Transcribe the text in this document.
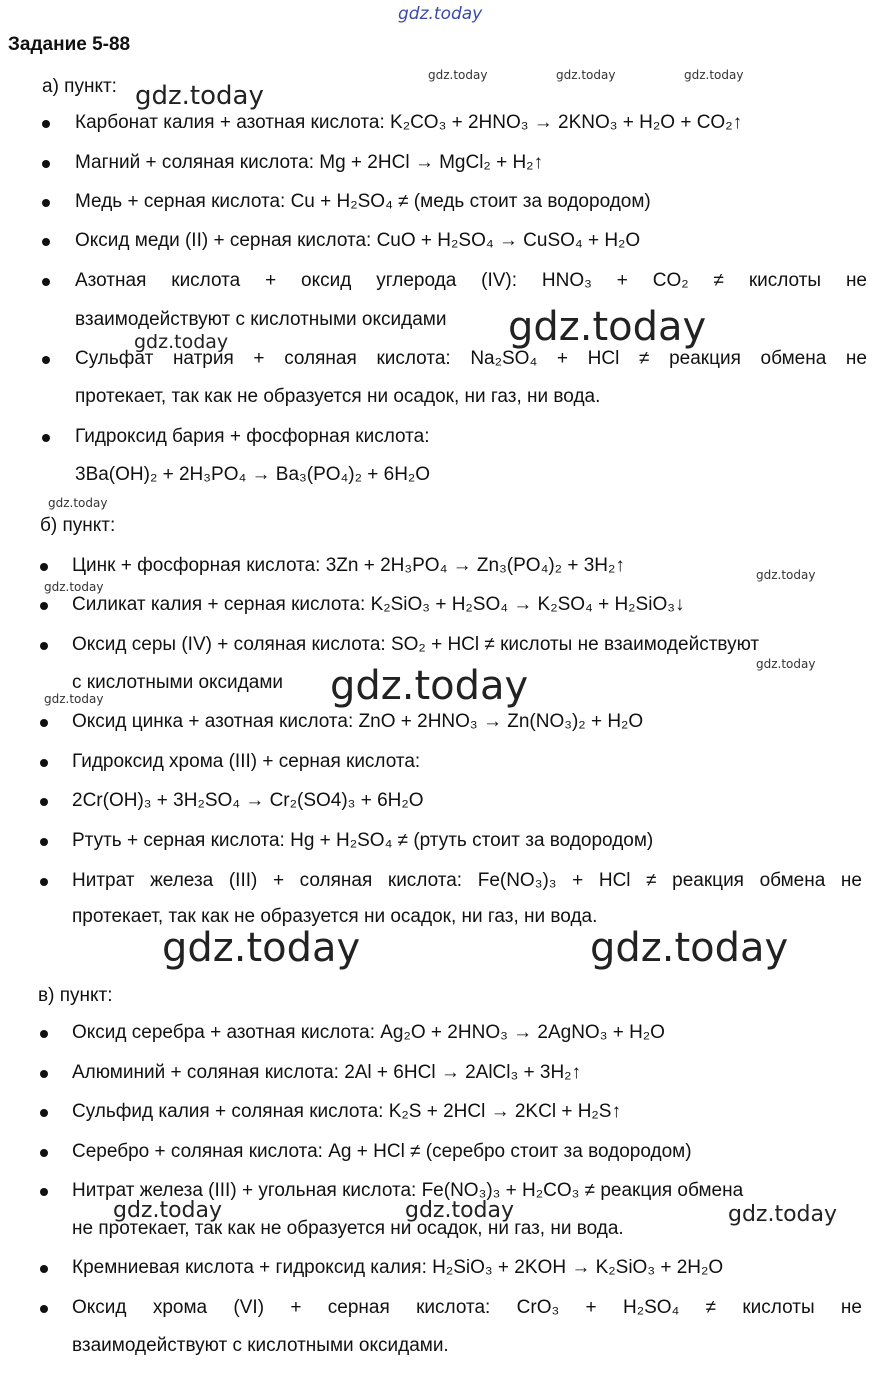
gdz.today
Задание 5-88
а) пункт:
Карбонат калия + азотная кислота: K₂CO₃ + 2HNO₃ → 2KNO₃ + H₂O + CO₂↑
Магний + соляная кислота: Mg + 2HCl → MgCl₂ + H₂↑
Медь + серная кислота: Cu + H₂SO₄ ≠ (медь стоит за водородом)
Оксид меди (II) + серная кислота: CuO + H₂SO₄ → CuSO₄ + H₂O
Азотная кислота + оксид углерода (IV): HNO₃ + CO₂ ≠ кислоты не
взаимодействуют с кислотными оксидами
Сульфат натрия + соляная кислота: Na₂SO₄ + HCl ≠ реакция обмена не
протекает, так как не образуется ни осадок, ни газ, ни вода.
Гидроксид бария + фосфорная кислота:
3Ba(OH)₂ + 2H₃PO₄ → Ba₃(PO₄)₂ + 6H₂O
б) пункт:
Цинк + фосфорная кислота: 3Zn + 2H₃PO₄ → Zn₃(PO₄)₂ + 3H₂↑
Силикат калия + серная кислота: K₂SiO₃ + H₂SO₄ → K₂SO₄ + H₂SiO₃↓
Оксид серы (IV) + соляная кислота: SO₂ + HCl ≠ кислоты не взаимодействуют
с кислотными оксидами
Оксид цинка + азотная кислота: ZnO + 2HNO₃ → Zn(NO₃)₂ + H₂O
Гидроксид хрома (III) + серная кислота:
2Cr(OH)₃ + 3H₂SO₄ → Cr₂(SO4)₃ + 6H₂O
Ртуть + серная кислота: Hg + H₂SO₄ ≠ (ртуть стоит за водородом)
Нитрат железа (III) + соляная кислота: Fe(NO₃)₃ + HCl ≠ реакция обмена не
протекает, так как не образуется ни осадок, ни газ, ни вода.
в) пункт:
Оксид серебра + азотная кислота: Ag₂O + 2HNO₃ → 2AgNO₃ + H₂O
Алюминий + соляная кислота: 2Al + 6HCl → 2AlCl₃ + 3H₂↑
Сульфид калия + соляная кислота: K₂S + 2HCl → 2KCl + H₂S↑
Серебро + соляная кислота: Ag + HCl ≠ (серебро стоит за водородом)
Нитрат железа (III) + угольная кислота: Fe(NO₃)₃ + H₂CO₃ ≠ реакция обмена
не протекает, так как не образуется ни осадок, ни газ, ни вода.
Кремниевая кислота + гидроксид калия: H₂SiO₃ + 2KOH → K₂SiO₃ + 2H₂O
Оксид хрома (VI) + серная кислота: CrO₃ + H₂SO₄ ≠ кислоты не
взаимодействуют с кислотными оксидами.
gdz.today	gdz.today	gdz.today
gdz.today
gdz.today
gdz.today
gdz.today
gdz.today
gdz.today
gdz.today
gdz.today
gdz.today
gdz.today	gdz.today
gdz.today	gdz.today	gdz.today
